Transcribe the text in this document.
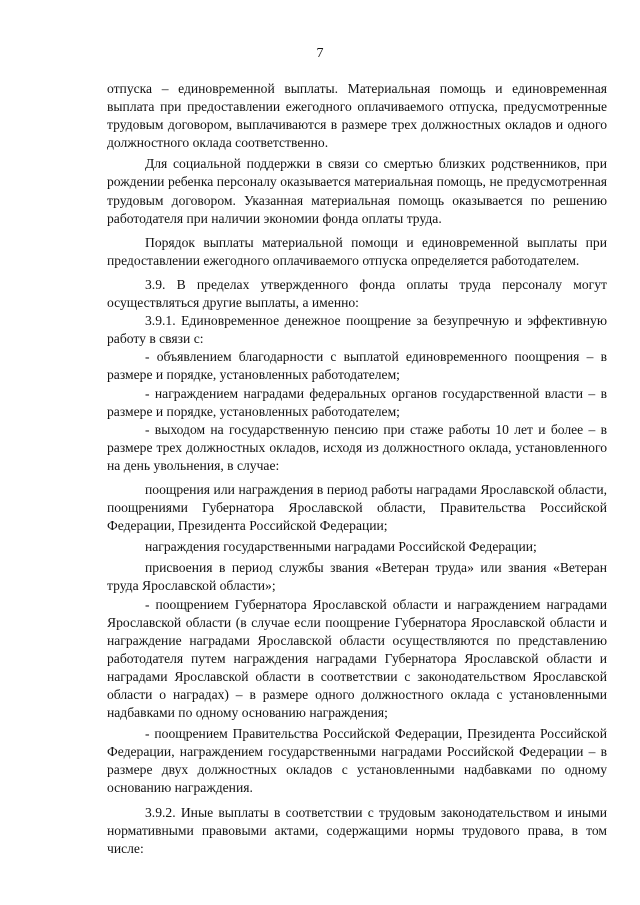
7

отпуска – единовременной выплаты. Материальная помощь и единовременная выплата при предоставлении ежегодного оплачиваемого отпуска, предусмотренные трудовым договором, выплачиваются в размере трех должностных окладов и одного должностного оклада соответственно.

Для социальной поддержки в связи со смертью близких родственников, при рождении ребенка персоналу оказывается материальная помощь, не предусмотренная трудовым договором. Указанная материальная помощь оказывается по решению работодателя при наличии экономии фонда оплаты труда.

Порядок выплаты материальной помощи и единовременной выплаты при предоставлении ежегодного оплачиваемого отпуска определяется работодателем.

3.9. В пределах утвержденного фонда оплаты труда персоналу могут осуществляться другие выплаты, а именно:

3.9.1. Единовременное денежное поощрение за безупречную и эффективную работу в связи с:

- объявлением благодарности с выплатой единовременного поощрения – в размере и порядке, установленных работодателем;

- награждением наградами федеральных органов государственной власти – в размере и порядке, установленных работодателем;

- выходом на государственную пенсию при стаже работы 10 лет и более – в размере трех должностных окладов, исходя из должностного оклада, установленного на день увольнения, в случае:

поощрения или награждения в период работы наградами Ярославской области, поощрениями Губернатора Ярославской области, Правительства Российской Федерации, Президента Российской Федерации;

награждения государственными наградами Российской Федерации;

присвоения в период службы звания «Ветеран труда» или звания «Ветеран труда Ярославской области»;

- поощрением Губернатора Ярославской области и награждением наградами Ярославской области (в случае если поощрение Губернатора Ярославской области и награждение наградами Ярославской области осуществляются по представлению работодателя путем награждения наградами Губернатора Ярославской области и наградами Ярославской области в соответствии с законодательством Ярославской области о наградах) – в размере одного должностного оклада с установленными надбавками по одному основанию награждения;

- поощрением Правительства Российской Федерации, Президента Российской Федерации, награждением государственными наградами Российской Федерации – в размере двух должностных окладов с установленными надбавками по одному основанию награждения.

3.9.2. Иные выплаты в соответствии с трудовым законодательством и иными нормативными правовыми актами, содержащими нормы трудового права, в том числе:
